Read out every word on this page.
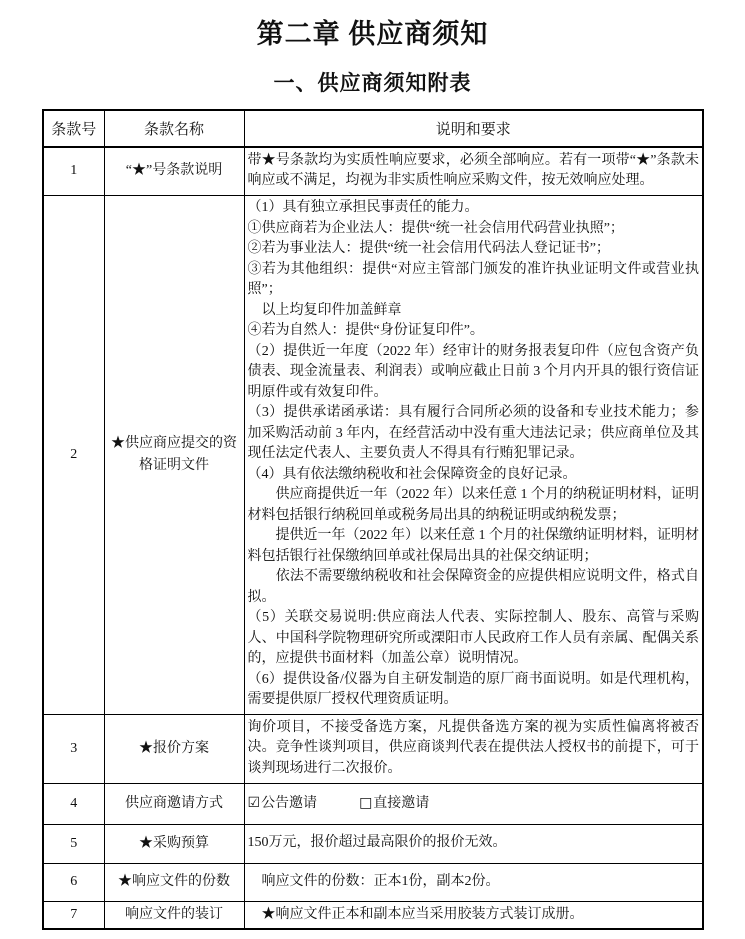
第二章 供应商须知
一、供应商须知附表
条款号	条款名称	说明和要求
1	“★”号条款说明	带★号条款均为实质性响应要求，必须全部响应。若有一项带“★”条款未响应或不满足，均视为非实质性响应采购文件，按无效响应处理。

2	★供应商应提交的资格证明文件	
（1）具有独立承担民事责任的能力。
①供应商若为企业法人：提供“统一社会信用代码营业执照”；
②若为事业法人：提供“统一社会信用代码法人登记证书”；
③若为其他组织：提供“对应主管部门颁发的准许执业证明文件或营业执照”；
　以上均复印件加盖鲜章
④若为自然人：提供“身份证复印件”。
（2）提供近一年度（2022 年）经审计的财务报表复印件（应包含资产负债表、现金流量表、利润表）或响应截止日前 3 个月内开具的银行资信证明原件或有效复印件。
（3）提供承诺函承诺：具有履行合同所必须的设备和专业技术能力；参加采购活动前 3 年内，在经营活动中没有重大违法记录；供应商单位及其现任法定代表人、主要负责人不得具有行贿犯罪记录。
（4）具有依法缴纳税收和社会保障资金的良好记录。
　　供应商提供近一年（2022 年）以来任意 1 个月的纳税证明材料，证明材料包括银行纳税回单或税务局出具的纳税证明或纳税发票；
　　提供近一年（2022 年）以来任意 1 个月的社保缴纳证明材料，证明材料包括银行社保缴纳回单或社保局出具的社保交纳证明；
　　依法不需要缴纳税收和社会保障资金的应提供相应说明文件，格式自拟。
（5）关联交易说明:供应商法人代表、实际控制人、股东、高管与采购人、中国科学院物理研究所或溧阳市人民政府工作人员有亲属、配偶关系的，应提供书面材料（加盖公章）说明情况。
（6）提供设备/仪器为自主研发制造的原厂商书面说明。如是代理机构，需要提供原厂授权代理资质证明。

3	★报价方案	询价项目，不接受备选方案，凡提供备选方案的视为实质性偏离将被否决。竞争性谈判项目，供应商谈判代表在提供法人授权书的前提下，可于谈判现场进行二次报价。

4	供应商邀请方式	☑公告邀请 □直接邀请
5	★采购预算	150万元，报价超过最高限价的报价无效。

6	★响应文件的份数	　响应文件的份数：正本1份，副本2份。

7	响应文件的装订	　★响应文件正本和副本应当采用胶装方式装订成册。
